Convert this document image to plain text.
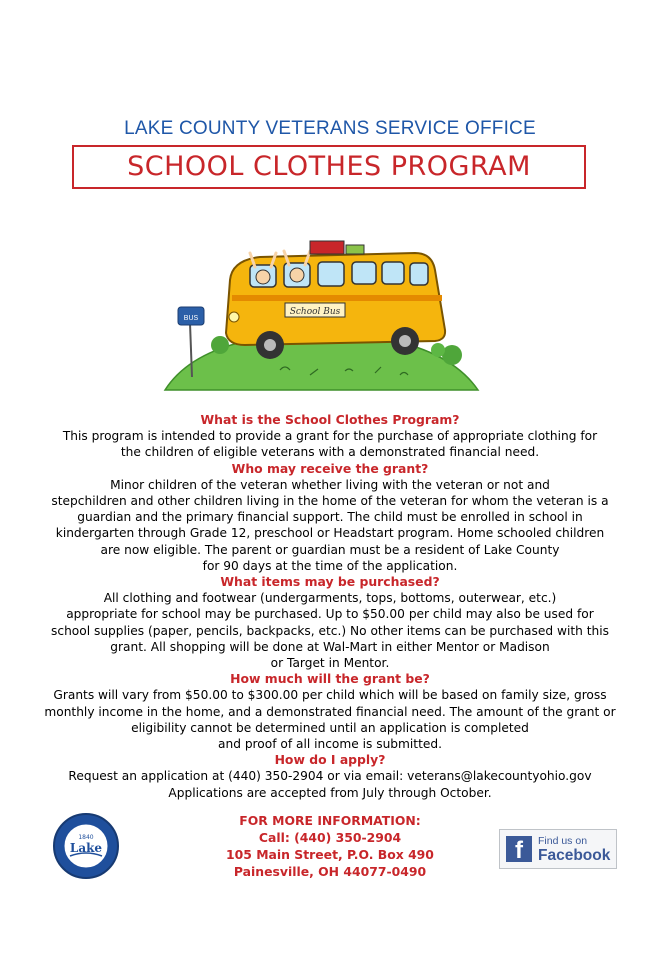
LAKE COUNTY VETERANS SERVICE OFFICE
SCHOOL CLOTHES PROGRAM
BUS
School Bus
What is the School Clothes Program?
This program is intended to provide a grant for the purchase of appropriate clothing for
the children of eligible veterans with a demonstrated financial need.
Who may receive the grant?
Minor children of the veteran whether living with the veteran or not and
stepchildren and other children living in the home of the veteran for whom the veteran is a
guardian and the primary financial support. The child must be enrolled in school in
kindergarten through Grade 12, preschool or Headstart program. Home schooled children
are now eligible. The parent or guardian must be a resident of Lake County
for 90 days at the time of the application.
What items may be purchased?
All clothing and footwear (undergarments, tops, bottoms, outerwear, etc.)
appropriate for school may be purchased. Up to $50.00 per child may also be used for
school supplies (paper, pencils, backpacks, etc.) No other items can be purchased with this
grant. All shopping will be done at Wal-Mart in either Mentor or Madison
or Target in Mentor.
How much will the grant be?
Grants will vary from $50.00 to $300.00 per child which will be based on family size, gross
monthly income in the home, and a demonstrated financial need. The amount of the grant or
eligibility cannot be determined until an application is completed
and proof of all income is submitted.
How do I apply?
Request an application at (440) 350-2904 or via email: veterans@lakecountyohio.gov
Applications are accepted from July through October.
FOR MORE INFORMATION:
Call: (440) 350-2904
105 Main Street, P.O. Box 490
Painesville, OH 44077-0490
1840
Lake	f	Find us on
Facebook
